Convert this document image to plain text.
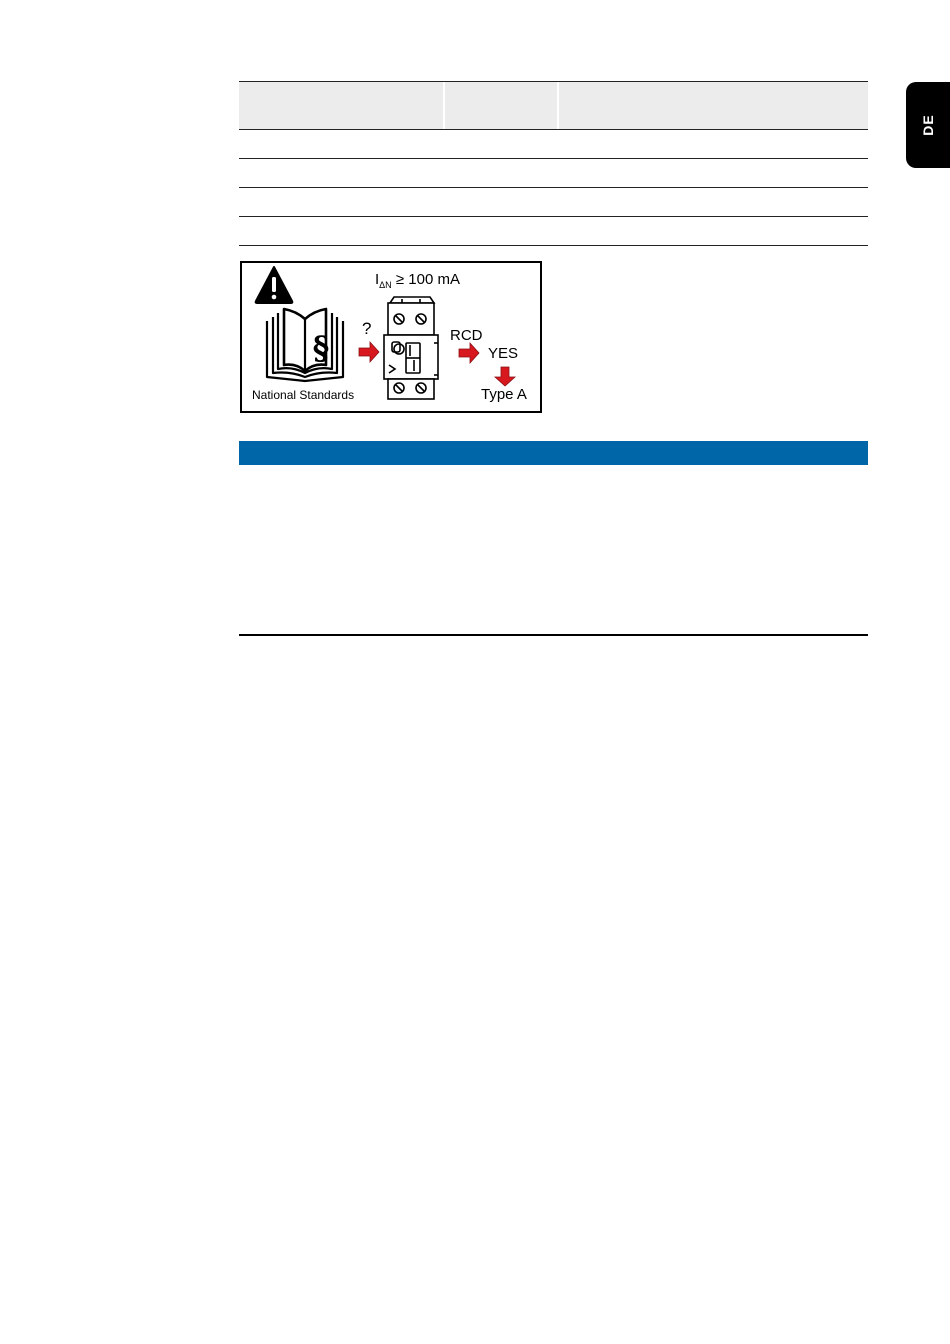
DE
§
$I_{\Delta N} \ge 100$ mA
?
National Standards
RCD
YES
Type A
